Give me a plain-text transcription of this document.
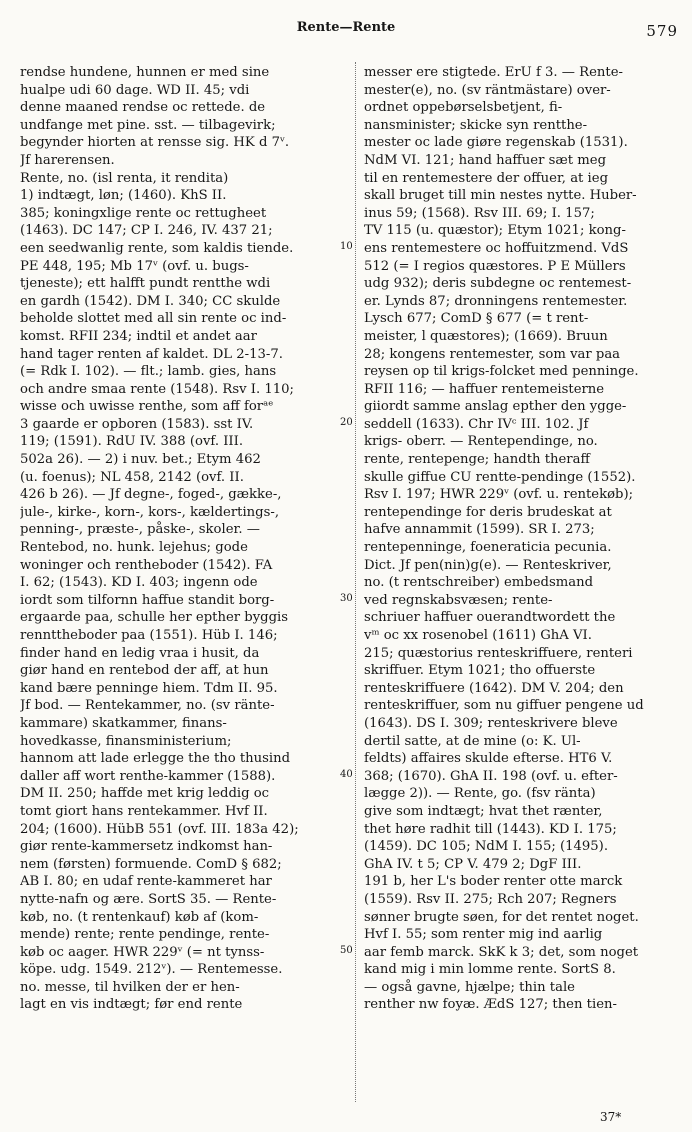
Rente—Rente	579
rendse hundene, hunnen er med sine
hualpe udi 60 dage. WD II. 45; vdi
denne maaned rendse oc rettede. de
undfange met pine. sst. — tilbagevirk;
begynder hiorten at rensse sig. HK d 7ᵛ.
Jf harerensen.
Rente, no. (isl renta, it rendita)
1) indtægt, løn; (1460). KhS II.
385; koningxlige rente oc rettugheet
(1463). DC 147; CP I. 246, IV. 437 21;
een seedwanlig rente, som kaldis tiende.
PE 448, 195; Mb 17ᵛ (ovf. u. bugs-
tjeneste); ett halfft pundt rentthe wdi
en gardh (1542). DM I. 340; CC skulde
beholde slottet med all sin rente oc ind-
komst. RFII 234; indtil et andet aar
hand tager renten af kaldet. DL 2-13-7.
(= Rdk I. 102). — flt.; lamb. gies, hans
och andre smaa rente (1548). Rsv I. 110;
wisse och uwisse renthe, som aff forᵃᵉ
3 gaarde er opboren (1583). sst IV.
119; (1591). RdU IV. 388 (ovf. III.
502a 26). — 2) i nuv. bet.; Etym 462
(u. foenus); NL 458, 2142 (ovf. II.
426 b 26). — Jf degne-, foged-, gække-,
jule-, kirke-, korn-, kors-, kældertings-,
penning-, præste-, påske-, skoler. —
Rentebod, no. hunk. lejehus; gode
woninger och rentheboder (1542). FA
I. 62; (1543). KD I. 403; ingenn ode
iordt som tilfornn haffue standit borg-
ergaarde paa, schulle her epther byggis
rennttheboder paa (1551). Hüb I. 146;
finder hand en ledig vraa i husit, da
giør hand en rentebod der aff, at hun
kand bære penninge hiem. Tdm II. 95.
Jf bod. — Rentekammer, no. (sv ränte-
kammare) skatkammer, finans-
hovedkasse, finansministerium;
hannom att lade erlegge the tho thusind
daller aff wort renthe-kammer (1588).
DM II. 250; haffde met krig leddig oc
tomt giort hans rentekammer. Hvf II.
204; (1600). HübB 551 (ovf. III. 183a 42);
giør rente-kammersetz indkomst han-
nem (førsten) formuende. ComD § 682;
AB I. 80; en udaf rente-kammeret har
nytte-nafn og ære. SortS 35. — Rente-
køb, no. (t rentenkauf) køb af (kom-
mende) rente; rente pendinge, rente-
køb oc aager. HWR 229ᵛ (= nt tynss-
köpe. udg. 1549. 212ᵛ). — Rentemesse.
no. messe, til hvilken der er hen-
lagt en vis indtægt; før end rente
messer ere stigtede. ErU f 3. — Rente-
mester(e), no. (sv räntmästare) over-
ordnet oppebørselsbetjent, fi-
nansminister; skicke syn rentthe-
mester oc lade giøre regenskab (1531).
NdM VI. 121; hand haffuer sæt meg
til en rentemestere der offuer, at ieg
skall bruget till min nestes nytte. Huber-
inus 59; (1568). Rsv III. 69; I. 157;
TV 115 (u. quæstor); Etym 1021; kong-
ens rentemestere oc hoffuitzmend. VdS
512 (= I regios quæstores. P E Müllers
udg 932); deris subdegne oc rentemest-
er. Lynds 87; dronningens rentemester.
Lysch 677; ComD § 677 (= t rent-
meister, l quæstores); (1669). Bruun
28; kongens rentemester, som var paa
reysen op til krigs-folcket med penninge.
RFII 116; — haffuer rentemeisterne
giiordt samme anslag epther den ygge-
seddell (1633). Chr IVᶜ III. 102. Jf
krigs- oberr. — Rentependinge, no.
rente, rentepenge; handth theraff
skulle giffue CU rentte-pendinge (1552).
Rsv I. 197; HWR 229ᵛ (ovf. u. rentekøb);
rentependinge for deris brudeskat at
hafve annammit (1599). SR I. 273;
rentepenninge, foeneraticia pecunia.
Dict. Jf pen(nin)g(e). — Renteskriver,
no. (t rentschreiber) embedsmand
ved regnskabsvæsen; rente-
schriuer haffuer ouerandtwordett the
vᵐ oc xx rosenobel (1611) GhA VI.
215; quæstorius renteskriffuere, renteri
skriffuer. Etym 1021; tho offuerste
renteskriffuere (1642). DM V. 204; den
renteskriffuer, som nu giffuer pengene ud
(1643). DS I. 309; renteskrivere bleve
dertil satte, at de mine (ο: K. Ul-
feldts) affaires skulde efterse. HT6 V.
368; (1670). GhA II. 198 (ovf. u. efter-
lægge 2)). — Rente, go. (fsv ränta)
give som indtægt; hvat thet rænter,
thet høre radhit till (1443). KD I. 175;
(1459). DC 105; NdM I. 155; (1495).
GhA IV. t 5; CP V. 479 2; DgF III.
191 b, her L's boder renter otte marck
(1559). Rsv II. 275; Rch 207; Regners
sønner brugte søen, for det rentet noget.
Hvf I. 55; som renter mig ind aarlig
aar femb marck. SkK k 3; det, som noget
kand mig i min lomme rente. SortS 8.
— også gavne, hjælpe; thin tale
renther nw foyæ. ÆdS 127; then tien-
10
20
30
40
50
37*
